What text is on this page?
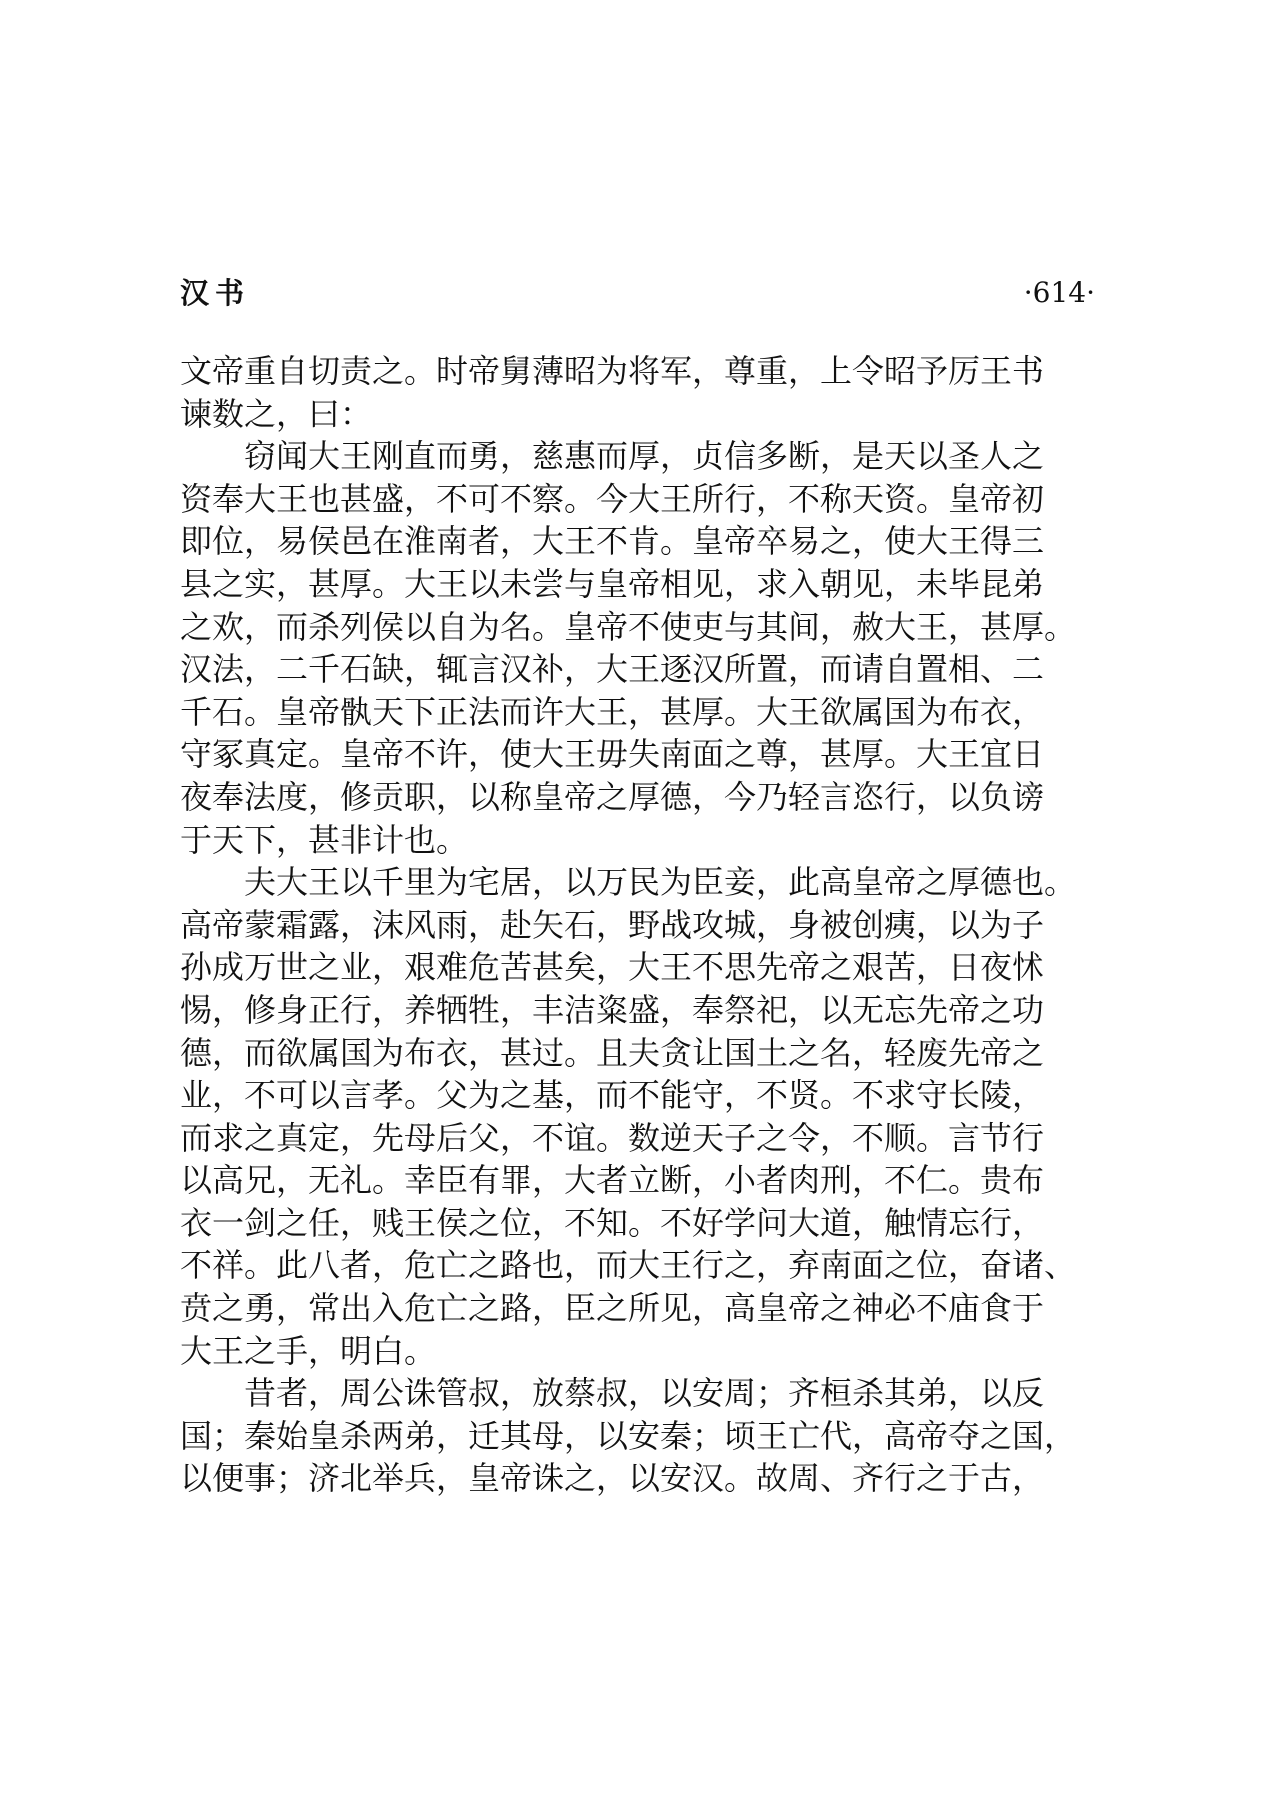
汉书	·614·
文帝重自切责之。时帝舅薄昭为将军，尊重，上令昭予厉王书
谏数之，曰：
窃闻大王刚直而勇，慈惠而厚，贞信多断，是天以圣人之
资奉大王也甚盛，不可不察。今大王所行，不称天资。皇帝初
即位，易侯邑在淮南者，大王不肯。皇帝卒易之，使大王得三
县之实，甚厚。大王以未尝与皇帝相见，求入朝见，未毕昆弟
之欢，而杀列侯以自为名。皇帝不使吏与其间，赦大王，甚厚。
汉法，二千石缺，辄言汉补，大王逐汉所置，而请自置相、二
千石。皇帝骫天下正法而许大王，甚厚。大王欲属国为布衣，
守冢真定。皇帝不许，使大王毋失南面之尊，甚厚。大王宜日
夜奉法度，修贡职，以称皇帝之厚德，今乃轻言恣行，以负谤
于天下，甚非计也。
夫大王以千里为宅居，以万民为臣妾，此高皇帝之厚德也。
高帝蒙霜露，沫风雨，赴矢石，野战攻城，身被创痍，以为子
孙成万世之业，艰难危苦甚矣，大王不思先帝之艰苦，日夜怵
惕，修身正行，养牺牲，丰洁粢盛，奉祭祀，以无忘先帝之功
德，而欲属国为布衣，甚过。且夫贪让国土之名，轻废先帝之
业，不可以言孝。父为之基，而不能守，不贤。不求守长陵，
而求之真定，先母后父，不谊。数逆天子之令，不顺。言节行
以高兄，无礼。幸臣有罪，大者立断，小者肉刑，不仁。贵布
衣一剑之任，贱王侯之位，不知。不好学问大道，触情忘行，
不祥。此八者，危亡之路也，而大王行之，弃南面之位，奋诸、
贲之勇，常出入危亡之路，臣之所见，高皇帝之神必不庙食于
大王之手，明白。
昔者，周公诛管叔，放蔡叔，以安周；齐桓杀其弟，以反
国；秦始皇杀两弟，迁其母，以安秦；顷王亡代，高帝夺之国，
以便事；济北举兵，皇帝诛之，以安汉。故周、齐行之于古，
